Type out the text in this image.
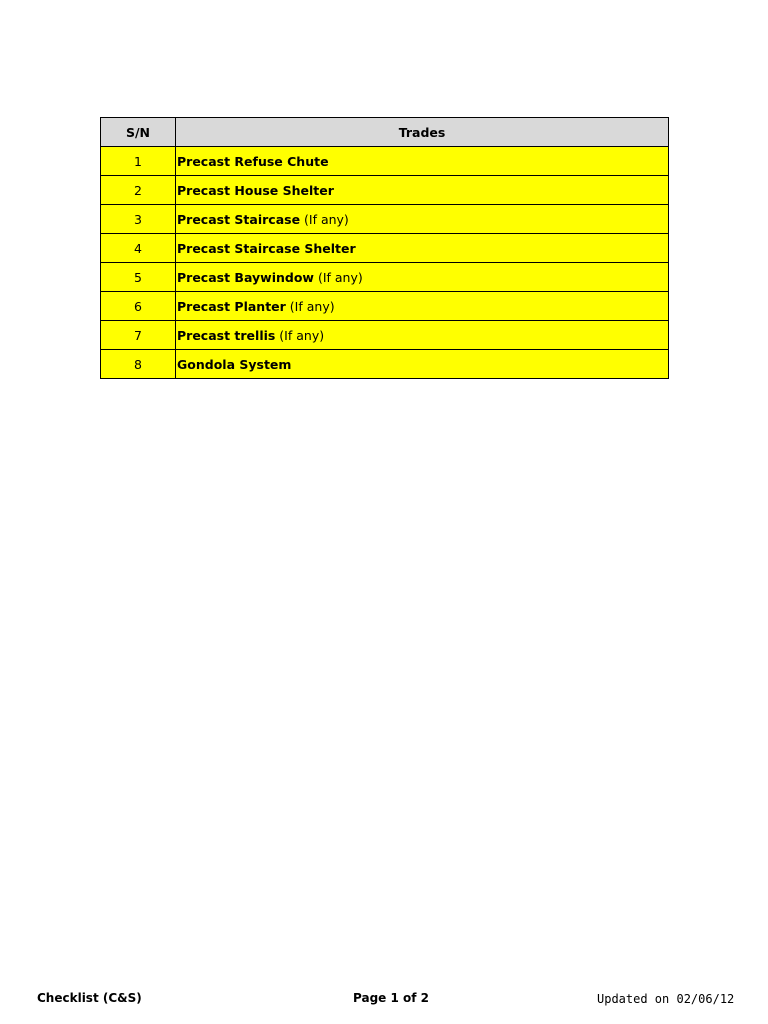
S/N	Trades
1	Precast Refuse Chute
2	Precast House Shelter
3	Precast Staircase (If any)
4	Precast Staircase Shelter
5	Precast Baywindow (If any)
6	Precast Planter (If any)
7	Precast trellis (If any)
8	Gondola System
Checklist (C&S)	Page 1 of 2	Updated on 02/06/12
